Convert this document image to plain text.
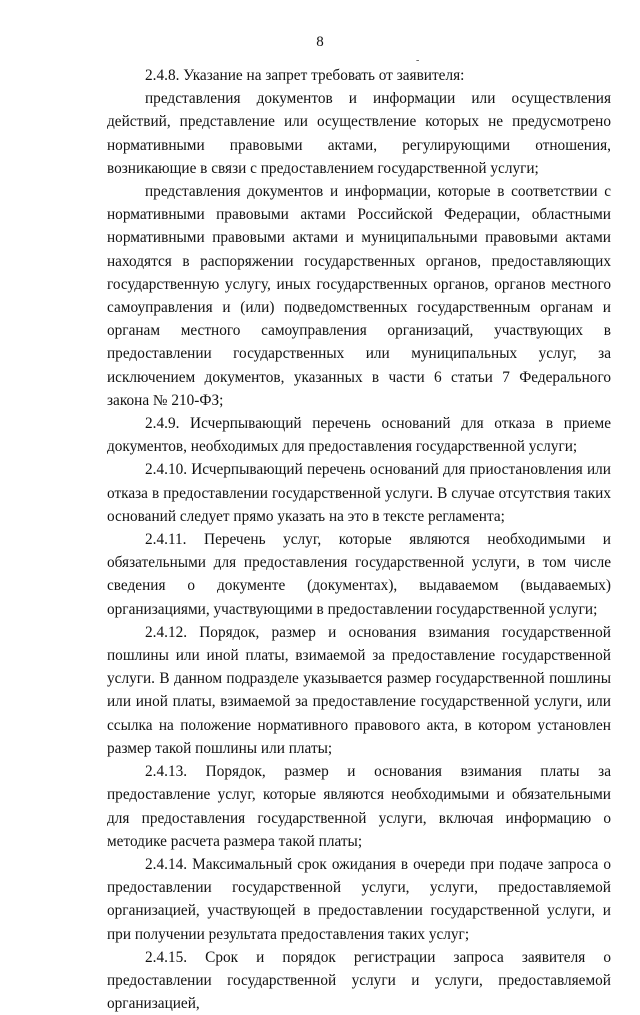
8
-

2.4.8. Указание на запрет требовать от заявителя:

представления документов и информации или осуществления действий, представление или осуществление которых не предусмотрено нормативными правовыми актами, регулирующими отношения, возникающие в связи с предоставлением государственной услуги;

представления документов и информации, которые в соответствии с нормативными правовыми актами Российской Федерации, областными нормативными правовыми актами и муниципальными правовыми актами находятся в распоряжении государственных органов, предоставляющих государственную услугу, иных государственных органов, органов местного самоуправления и (или) подведомственных государственным органам и органам местного самоуправления организаций, участвующих в предоставлении государственных или муниципальных услуг, за исключением документов, указанных в части 6 статьи 7 Федерального закона № 210-ФЗ;

2.4.9. Исчерпывающий перечень оснований для отказа в приеме документов, необходимых для предоставления государственной услуги;

2.4.10. Исчерпывающий перечень оснований для приостановления или отказа в предоставлении государственной услуги. В случае отсутствия таких оснований следует прямо указать на это в тексте регламента;

2.4.11. Перечень услуг, которые являются необходимыми и обязательными для предоставления государственной услуги, в том числе сведения о документе (документах), выдаваемом (выдаваемых) организациями, участвующими в предоставлении государственной услуги;

2.4.12. Порядок, размер и основания взимания государственной пошлины или иной платы, взимаемой за предоставление государственной услуги. В данном подразделе указывается размер государственной пошлины или иной платы, взимаемой за предоставление государственной услуги, или ссылка на положение нормативного правового акта, в котором установлен размер такой пошлины или платы;

2.4.13. Порядок, размер и основания взимания платы за предоставление услуг, которые являются необходимыми и обязательными для предоставления государственной услуги, включая информацию о методике расчета размера такой платы;

2.4.14. Максимальный срок ожидания в очереди при подаче запроса о предоставлении государственной услуги, услуги, предоставляемой организацией, участвующей в предоставлении государственной услуги, и при получении результата предоставления таких услуг;

2.4.15. Срок и порядок регистрации запроса заявителя о предоставлении государственной услуги и услуги, предоставляемой организацией,
